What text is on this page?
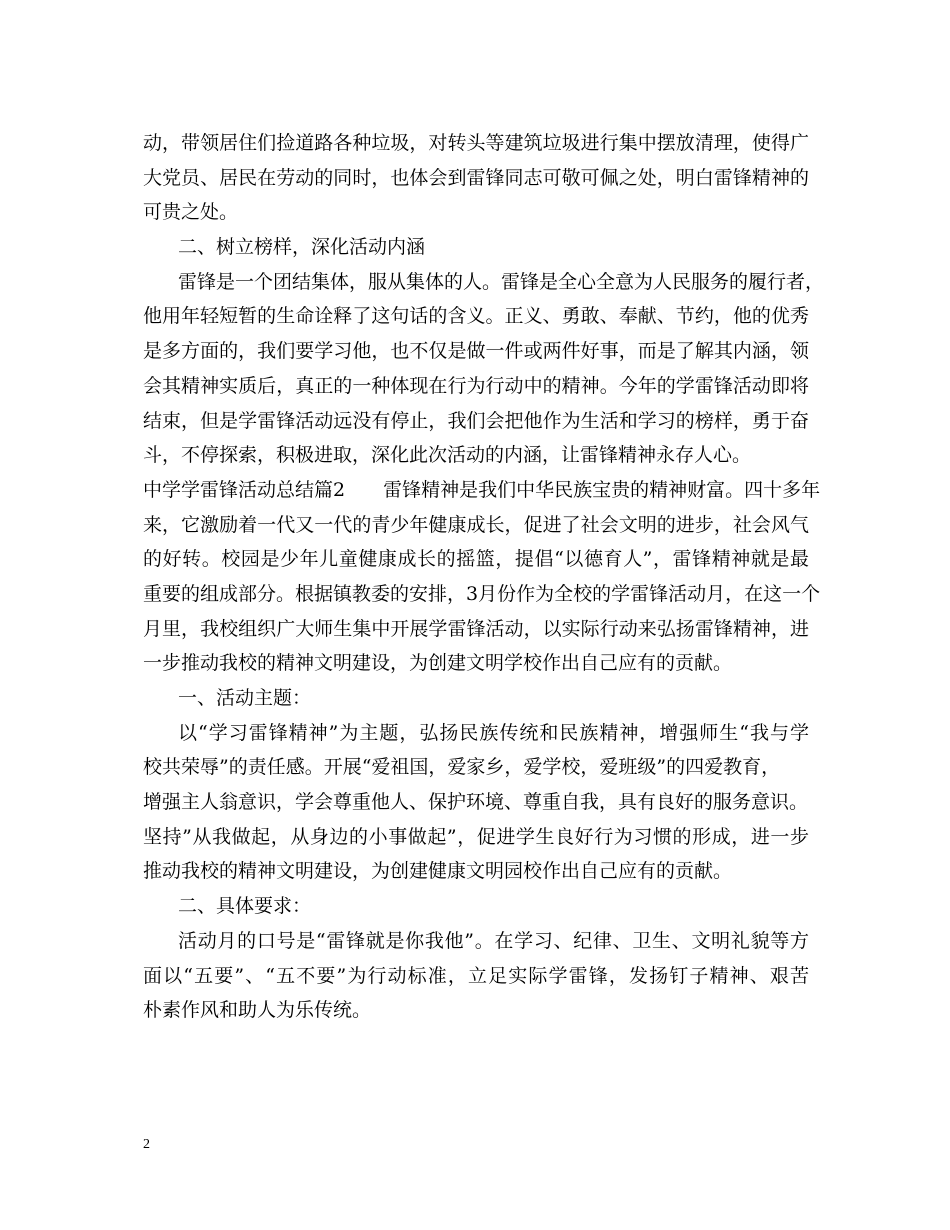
动，带领居住们捡道路各种垃圾，对转头等建筑垃圾进行集中摆放清理，使得广
大党员、居民在劳动的同时，也体会到雷锋同志可敬可佩之处，明白雷锋精神的
可贵之处。
二、树立榜样，深化活动内涵
雷锋是一个团结集体，服从集体的人。雷锋是全心全意为人民服务的履行者，
他用年轻短暂的生命诠释了这句话的含义。正义、勇敢、奉献、节约，他的优秀
是多方面的，我们要学习他，也不仅是做一件或两件好事，而是了解其内涵，领
会其精神实质后，真正的一种体现在行为行动中的精神。今年的学雷锋活动即将
结束，但是学雷锋活动远没有停止，我们会把他作为生活和学习的榜样，勇于奋
斗，不停探索，积极进取，深化此次活动的内涵，让雷锋精神永存人心。
中学学雷锋活动总结篇2　　雷锋精神是我们中华民族宝贵的精神财富。四十多年
来，它激励着一代又一代的青少年健康成长，促进了社会文明的进步，社会风气
的好转。校园是少年儿童健康成长的摇篮，提倡“以德育人”，雷锋精神就是最
重要的组成部分。根据镇教委的安排，3月份作为全校的学雷锋活动月，在这一个
月里，我校组织广大师生集中开展学雷锋活动，以实际行动来弘扬雷锋精神，进
一步推动我校的精神文明建设，为创建文明学校作出自己应有的贡献。
一、活动主题：
以“学习雷锋精神”为主题，弘扬民族传统和民族精神，增强师生“我与学
校共荣辱”的责任感。开展“爱祖国，爱家乡，爱学校，爱班级”的四爱教育，
增强主人翁意识，学会尊重他人、保护环境、尊重自我，具有良好的服务意识。
坚持”从我做起，从身边的小事做起”，促进学生良好行为习惯的形成，进一步
推动我校的精神文明建设，为创建健康文明园校作出自己应有的贡献。
二、具体要求：
活动月的口号是“雷锋就是你我他”。在学习、纪律、卫生、文明礼貌等方
面以“五要”、“五不要”为行动标准，立足实际学雷锋，发扬钉子精神、艰苦
朴素作风和助人为乐传统。
2
